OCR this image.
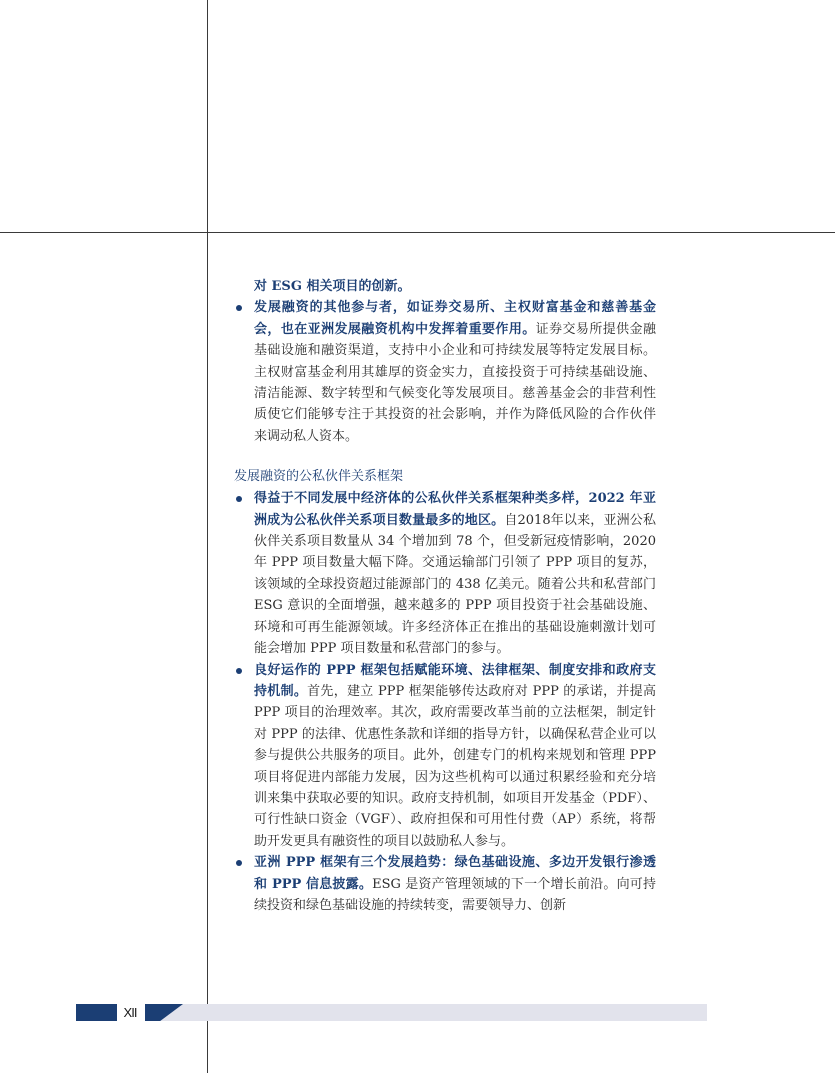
对 ESG 相关项目的创新。

发展融资的其他参与者，如证券交易所、主权财富基金和慈善基金会，也在亚洲发展融资机构中发挥着重要作用。证券交易所提供金融基础设施和融资渠道，支持中小企业和可持续发展等特定发展目标。主权财富基金利用其雄厚的资金实力，直接投资于可持续基础设施、清洁能源、数字转型和气候变化等发展项目。慈善基金会的非营利性质使它们能够专注于其投资的社会影响，并作为降低风险的合作伙伴来调动私人资本。

发展融资的公私伙伴关系框架

得益于不同发展中经济体的公私伙伴关系框架种类多样，2022 年亚洲成为公私伙伴关系项目数量最多的地区。自2018年以来，亚洲公私伙伴关系项目数量从 34 个增加到 78 个，但受新冠疫情影响，2020 年 PPP 项目数量大幅下降。交通运输部门引领了 PPP 项目的复苏，该领域的全球投资超过能源部门的 438 亿美元。随着公共和私营部门 ESG 意识的全面增强，越来越多的 PPP 项目投资于社会基础设施、环境和可再生能源领域。许多经济体正在推出的基础设施刺激计划可能会增加 PPP 项目数量和私营部门的参与。

良好运作的 PPP 框架包括赋能环境、法律框架、制度安排和政府支持机制。首先，建立 PPP 框架能够传达政府对 PPP 的承诺，并提高 PPP 项目的治理效率。其次，政府需要改革当前的立法框架，制定针对 PPP 的法律、优惠性条款和详细的指导方针，以确保私营企业可以参与提供公共服务的项目。此外，创建专门的机构来规划和管理 PPP 项目将促进内部能力发展，因为这些机构可以通过积累经验和充分培训来集中获取必要的知识。政府支持机制，如项目开发基金（PDF）、可行性缺口资金（VGF）、政府担保和可用性付费（AP）系统，将帮助开发更具有融资性的项目以鼓励私人参与。

亚洲 PPP 框架有三个发展趋势：绿色基础设施、多边开发银行渗透和 PPP 信息披露。ESG 是资产管理领域的下一个增长前沿。向可持续投资和绿色基础设施的持续转变，需要领导力、创新

XII
